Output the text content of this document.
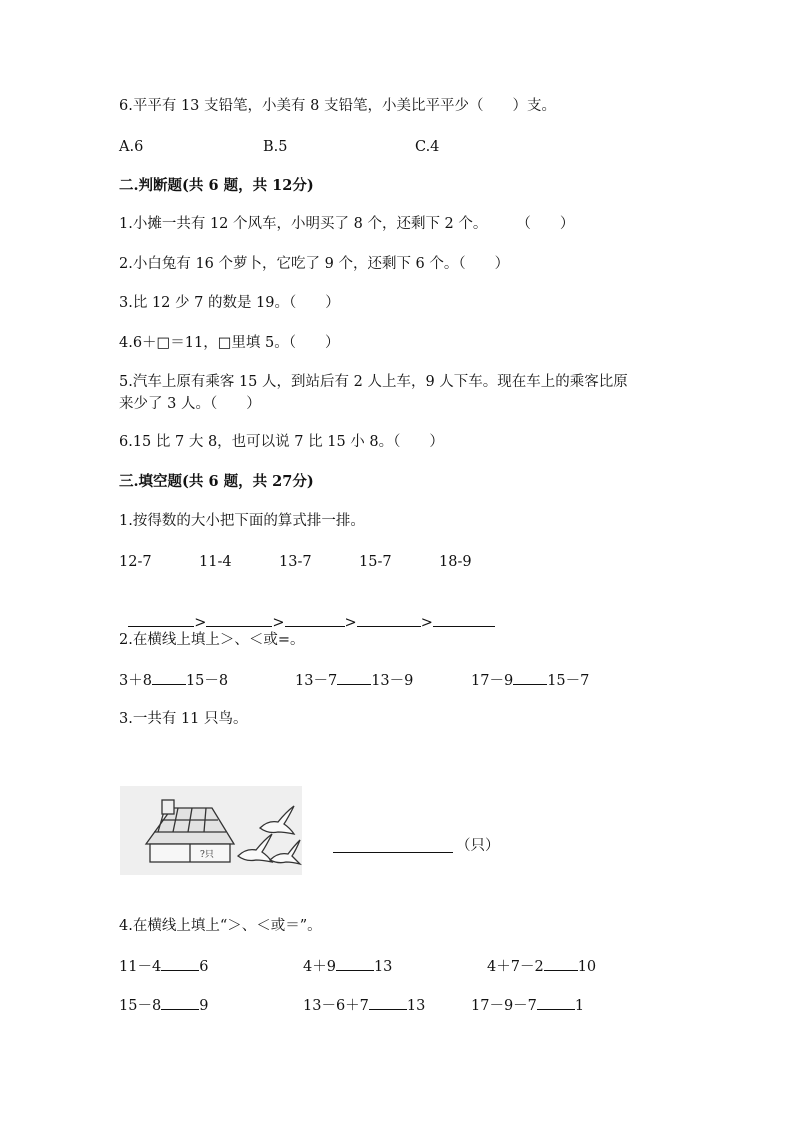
6.平平有 13 支铅笔，小美有 8 支铅笔，小美比平平少（　　）支。
A.6	B.5	C.4
二.判断题(共 6 题，共 12分)
1.小摊一共有 12 个风车，小明买了 8 个，还剩下 2 个。　　　（　　）
2.小白兔有 16 个萝卜，它吃了 9 个，还剩下 6 个。（　　）
3.比 12 少 7 的数是 19。（　　）
4.6＋□＝11，□里填 5。（　　）
5.汽车上原有乘客 15 人，到站后有 2 人上车，9 人下车。现在车上的乘客比原
来少了 3 人。（　　）
6.15 比 7 大 8，也可以说 7 比 15 小 8。（　　）
三.填空题(共 6 题，共 27分)
1.按得数的大小把下面的算式排一排。
12-7	11-4	13-7	15-7	18-9

>	>	>	>

2.在横线上填上＞、＜或=。
3＋8 15－8	13－7 13－9	17－9 15－7
3.一共有 11 只鸟。
?只
（只）
4.在横线上填上“＞、＜或＝”。
11－4	6	4＋9	13	4＋7－2 10
15－8	9	13－6＋7	13	17－9－7	1
